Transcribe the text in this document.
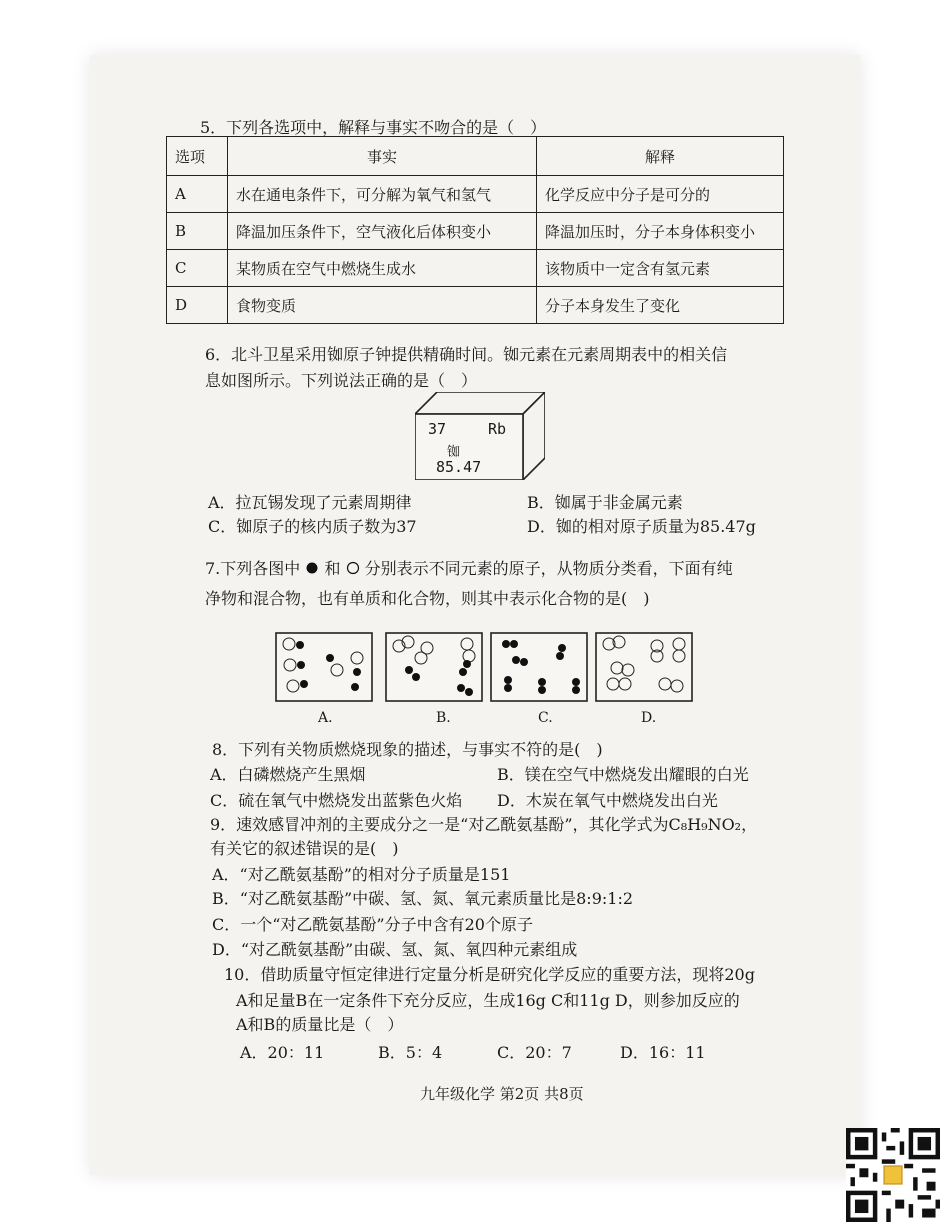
5．下列各选项中，解释与事实不吻合的是（　）
选项	事实	解释
A	水在通电条件下，可分解为氧气和氢气	化学反应中分子是可分的
B	降温加压条件下，空气液化后体积变小	降温加压时，分子本身体积变小
C	某物质在空气中燃烧生成水	该物质中一定含有氢元素
D	食物变质	分子本身发生了变化
6．北斗卫星采用铷原子钟提供精确时间。铷元素在元素周期表中的相关信
息如图所示。下列说法正确的是（　）
37	Rb
铷
85.47
A．拉瓦锡发现了元素周期律	B．铷属于非金属元素
C．铷原子的核内质子数为37	D．铷的相对原子质量为85.47g
7.下列各图中 和 分别表示不同元素的原子，从物质分类看，下面有纯
净物和混合物，也有单质和化合物，则其中表示化合物的是(　)
A.	B.	C.	D.
8．下列有关物质燃烧现象的描述，与事实不符的是(　)
A．白磷燃烧产生黑烟	B．镁在空气中燃烧发出耀眼的白光
C．硫在氧气中燃烧发出蓝紫色火焰 D．木炭在氧气中燃烧发出白光
9．速效感冒冲剂的主要成分之一是“对乙酰氨基酚”，其化学式为C₈H₉NO₂，
有关它的叙述错误的是(　)
A．“对乙酰氨基酚”的相对分子质量是151
B．“对乙酰氨基酚”中碳、氢、氮、氧元素质量比是8:9:1:2
C．一个“对乙酰氨基酚”分子中含有20个原子
D．“对乙酰氨基酚”由碳、氢、氮、氧四种元素组成
10．借助质量守恒定律进行定量分析是研究化学反应的重要方法，现将20g
A和足量B在一定条件下充分反应，生成16g C和11g D，则参加反应的
A和B的质量比是（　）
A．20：11	B．5：4	C．20：7	D．16：11
九年级化学 第2页 共8页
